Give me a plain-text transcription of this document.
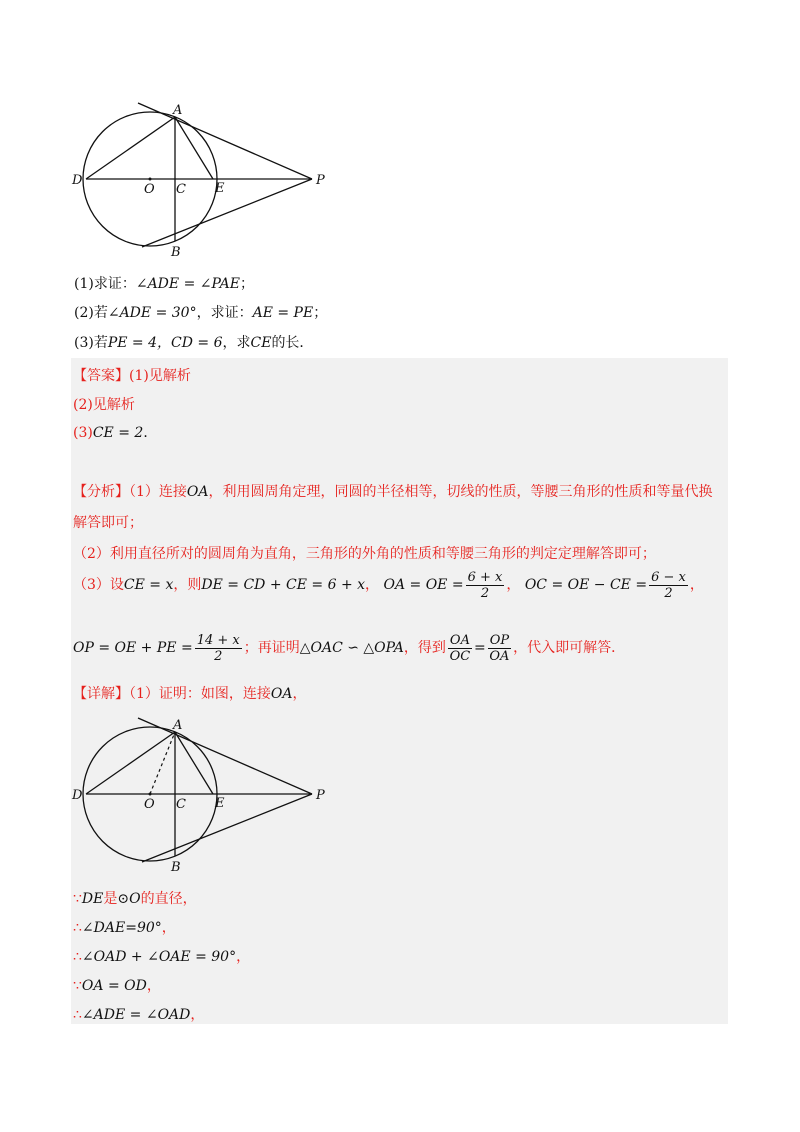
A
D
O C E
P
B
(1)求证：∠ADE = ∠PAE；
(2)若∠ADE = 30°，求证：AE = PE；
(3)若PE = 4，CD = 6，求CE的长．
【答案】(1)见解析
(2)见解析
(3)CE = 2．
【分析】（1）连接OA，利用圆周角定理，同圆的半径相等，切线的性质，等腰三角形的性质和等量代换
解答即可；
（2）利用直径所对的圆周角为直角，三角形的外角的性质和等腰三角形的判定定理解答即可；
（3）设CE = x，则DE = CD + CE = 6 + x， OA = OE = $\frac{6 + x}{2}$ ， OC = OE − CE = $\frac{6 - x}{2}$ ，
OP = OE + PE = $\frac{14 + x}{2}$ ；再证明△OAC ∽ △OPA，得到 $\frac{OA}{OC} = \frac{OP}{OA}$ ，代入即可解答．
【详解】（1）证明：如图，连接OA，
A
D
O C E
P
B
∵DE是⊙O的直径，
∴∠DAE=90°，
∴∠OAD + ∠OAE = 90°，
∵OA = OD，
∴∠ADE = ∠OAD，
